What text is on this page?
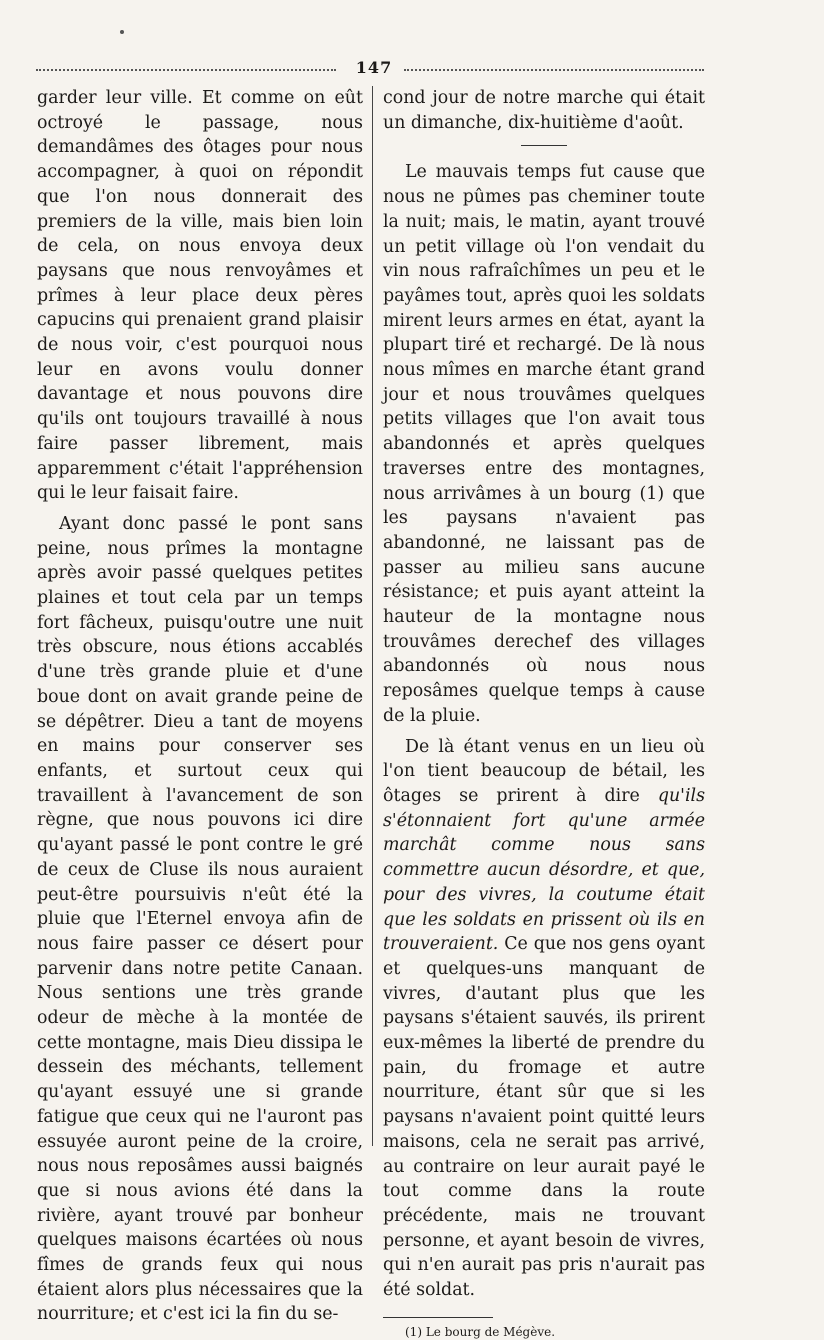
147

garder leur ville. Et comme on eût octroyé le passage, nous demandâmes des ôtages pour nous accompagner, à quoi on répondit que l'on nous donnerait des premiers de la ville, mais bien loin de cela, on nous envoya deux paysans que nous renvoyâmes et prîmes à leur place deux pères capucins qui prenaient grand plaisir de nous voir, c'est pourquoi nous leur en avons voulu donner davantage et nous pouvons dire qu'ils ont toujours travaillé à nous faire passer librement, mais apparemment c'était l'appréhension qui le leur faisait faire.

Ayant donc passé le pont sans peine, nous prîmes la montagne après avoir passé quelques petites plaines et tout cela par un temps fort fâcheux, puisqu'outre une nuit très obscure, nous étions accablés d'une très grande pluie et d'une boue dont on avait grande peine de se dépêtrer. Dieu a tant de moyens en mains pour conserver ses enfants, et surtout ceux qui travaillent à l'avancement de son règne, que nous pouvons ici dire qu'ayant passé le pont contre le gré de ceux de Cluse ils nous auraient peut-être poursuivis n'eût été la pluie que l'Eternel envoya afin de nous faire passer ce désert pour parvenir dans notre petite Canaan. Nous sentions une très grande odeur de mèche à la montée de cette montagne, mais Dieu dissipa le dessein des méchants, tellement qu'ayant essuyé une si grande fatigue que ceux qui ne l'auront pas essuyée auront peine de la croire, nous nous reposâmes aussi baignés que si nous avions été dans la rivière, ayant trouvé par bonheur quelques maisons écartées où nous fîmes de grands feux qui nous étaient alors plus nécessaires que la nourriture; et c'est ici la fin du se-

cond jour de notre marche qui était un dimanche, dix-huitième d'août.

Le mauvais temps fut cause que nous ne pûmes pas cheminer toute la nuit; mais, le matin, ayant trouvé un petit village où l'on vendait du vin nous rafraîchîmes un peu et le payâmes tout, après quoi les soldats mirent leurs armes en état, ayant la plupart tiré et rechargé. De là nous nous mîmes en marche étant grand jour et nous trouvâmes quelques petits villages que l'on avait tous abandonnés et après quelques traverses entre des montagnes, nous arrivâmes à un bourg (1) que les paysans n'avaient pas abandonné, ne laissant pas de passer au milieu sans aucune résistance; et puis ayant atteint la hauteur de la montagne nous trouvâmes derechef des villages abandonnés où nous nous reposâmes quelque temps à cause de la pluie.

De là étant venus en un lieu où l'on tient beaucoup de bétail, les ôtages se prirent à dire qu'ils s'étonnaient fort qu'une armée marchât comme nous sans commettre aucun désordre, et que, pour des vivres, la coutume était que les soldats en prissent où ils en trouveraient. Ce que nos gens oyant et quelques-uns manquant de vivres, d'autant plus que les paysans s'étaient sauvés, ils prirent eux-mêmes la liberté de prendre du pain, du fromage et autre nourriture, étant sûr que si les paysans n'avaient point quitté leurs maisons, cela ne serait pas arrivé, au contraire on leur aurait payé le tout comme dans la route précédente, mais ne trouvant personne, et ayant besoin de vivres, qui n'en aurait pas pris n'aurait pas été soldat.

(1) Le bourg de Mégève.
